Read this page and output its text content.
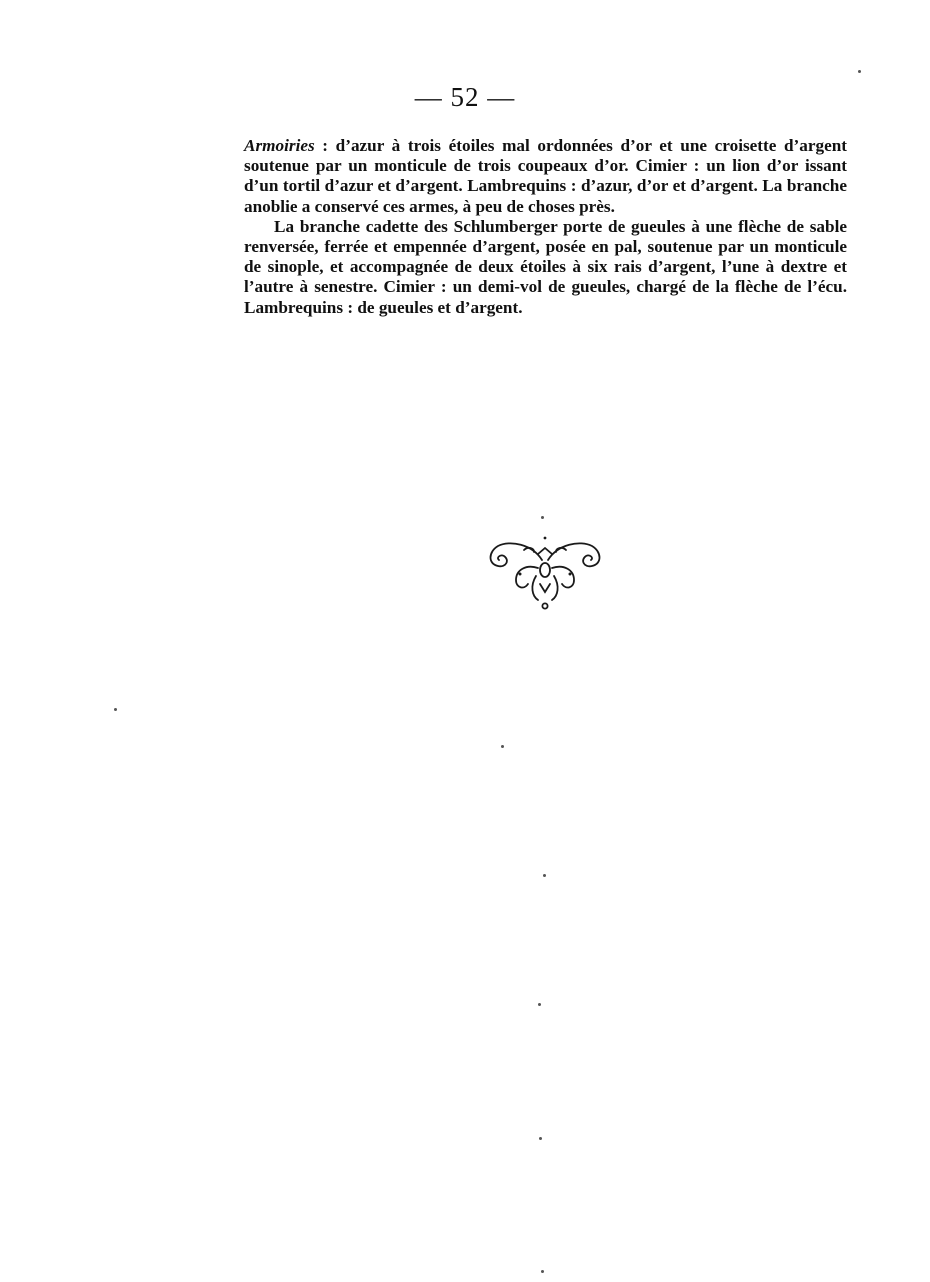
— 52 —

Armoiries : d’azur à trois étoiles mal ordonnées d’or et une croisette d’argent soutenue par un monticule de trois coupeaux d’or. Cimier : un lion d’or issant d’un tortil d’azur et d’argent. Lambrequins : d’azur, d’or et d’argent. La branche anoblie a conservé ces armes, à peu de choses près.

La branche cadette des Schlumberger porte de gueules à une flèche de sable renversée, ferrée et empennée d’argent, posée en pal, soutenue par un monticule de sinople, et accompagnée de deux étoiles à six rais d’argent, l’une à dextre et l’autre à senestre. Cimier : un demi-vol de gueules, chargé de la flèche de l’écu. Lambrequins : de gueules et d’argent.
